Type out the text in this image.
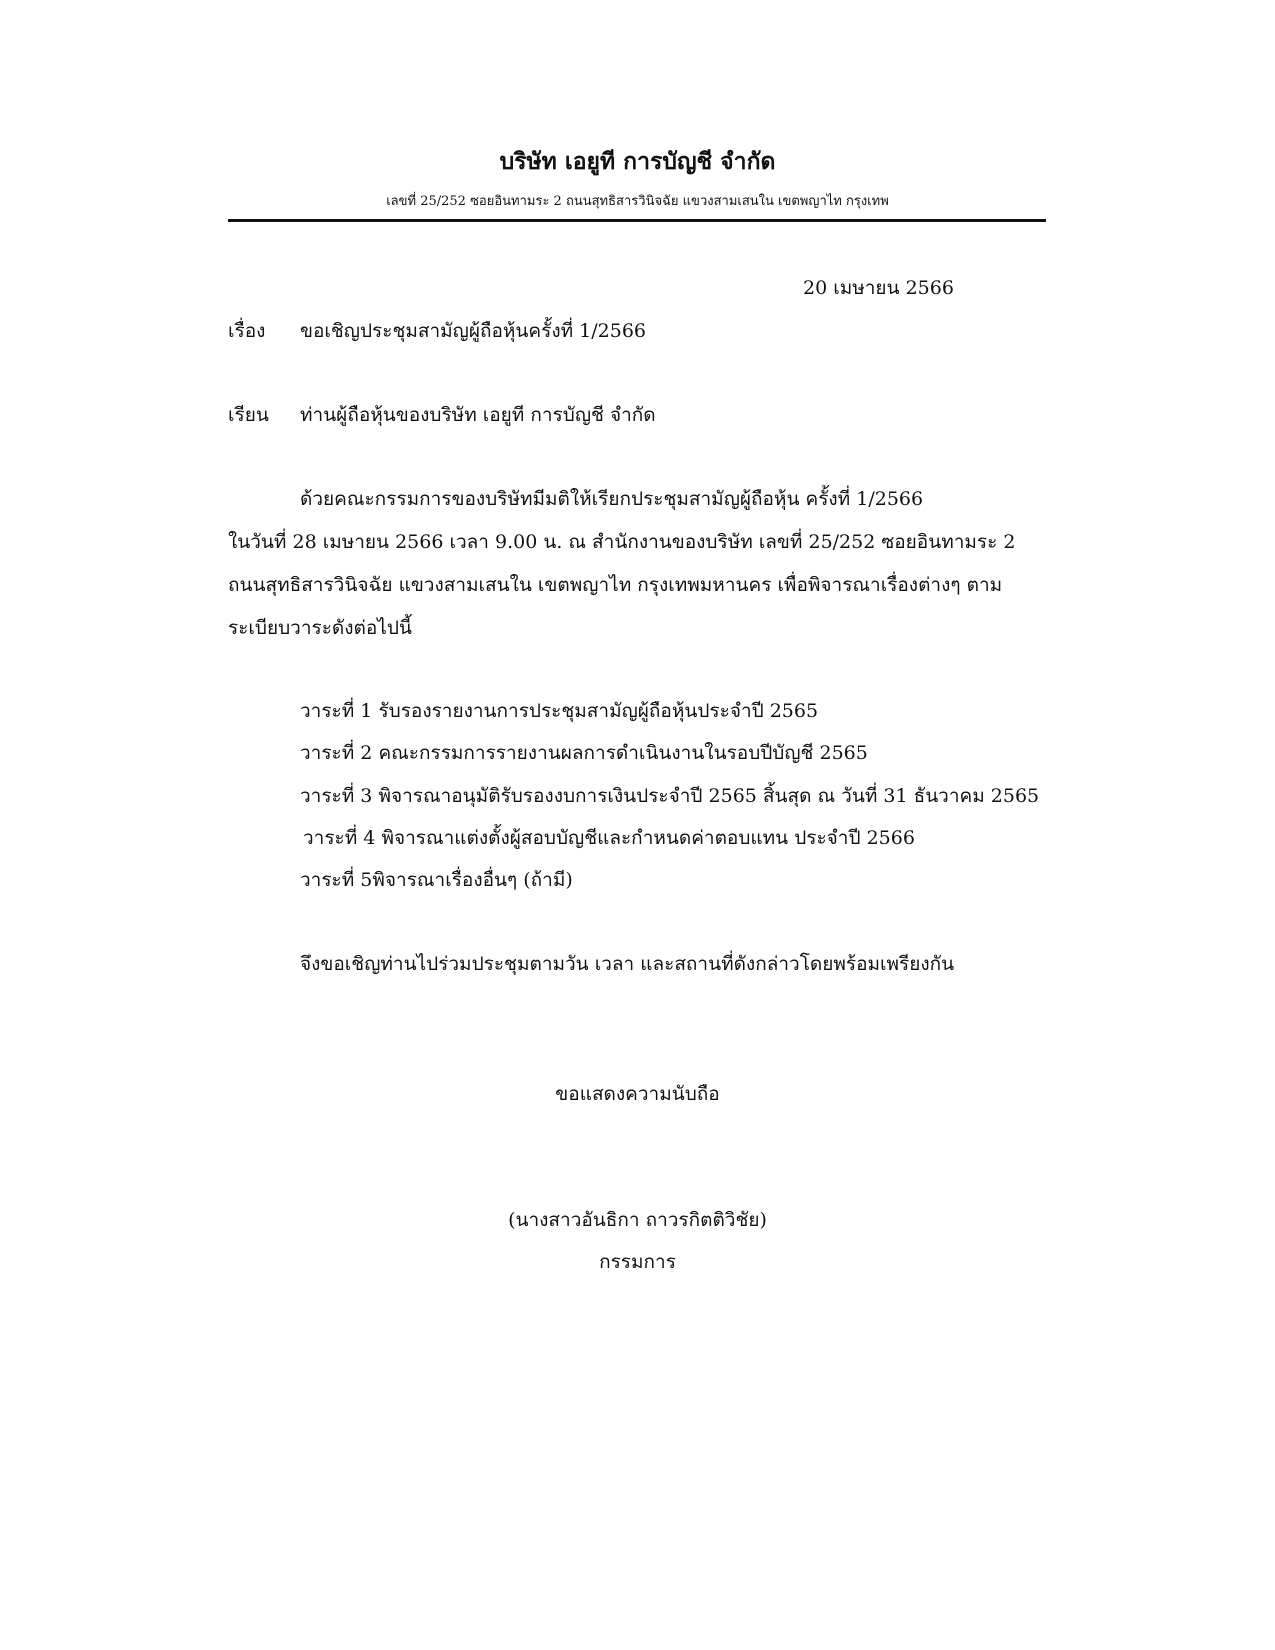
บริษัท เอยูที การบัญชี จำกัด
เลขที่ 25/252 ซอยอินทามระ 2 ถนนสุทธิสารวินิจฉัย แขวงสามเสนใน เขตพญาไท กรุงเทพ
20 เมษายน 2566
เรื่อง ขอเชิญประชุมสามัญผู้ถือหุ้นครั้งที่ 1/2566
เรียน ท่านผู้ถือหุ้นของบริษัท เอยูที การบัญชี จำกัด
ด้วยคณะกรรมการของบริษัทมีมติให้เรียกประชุมสามัญผู้ถือหุ้น ครั้งที่ 1/2566
ในวันที่ 28 เมษายน 2566 เวลา 9.00 น. ณ สำนักงานของบริษัท เลขที่ 25/252 ซอยอินทามระ 2
ถนนสุทธิสารวินิจฉัย แขวงสามเสนใน เขตพญาไท กรุงเทพมหานคร เพื่อพิจารณาเรื่องต่างๆ ตาม
ระเบียบวาระดังต่อไปนี้
วาระที่ 1 รับรองรายงานการประชุมสามัญผู้ถือหุ้นประจำปี 2565
วาระที่ 2 คณะกรรมการรายงานผลการดำเนินงานในรอบปีบัญชี 2565
วาระที่ 3 พิจารณาอนุมัติรับรองงบการเงินประจำปี 2565 สิ้นสุด ณ วันที่ 31 ธันวาคม 2565
วาระที่ 4 พิจารณาแต่งตั้งผู้สอบบัญชีและกำหนดค่าตอบแทน ประจำปี 2566
วาระที่ 5พิจารณาเรื่องอื่นๆ (ถ้ามี)
จึงขอเชิญท่านไปร่วมประชุมตามวัน เวลา และสถานที่ดังกล่าวโดยพร้อมเพรียงกัน
ขอแสดงความนับถือ
(นางสาวอันธิกา ถาวรกิตติวิชัย)
กรรมการ
